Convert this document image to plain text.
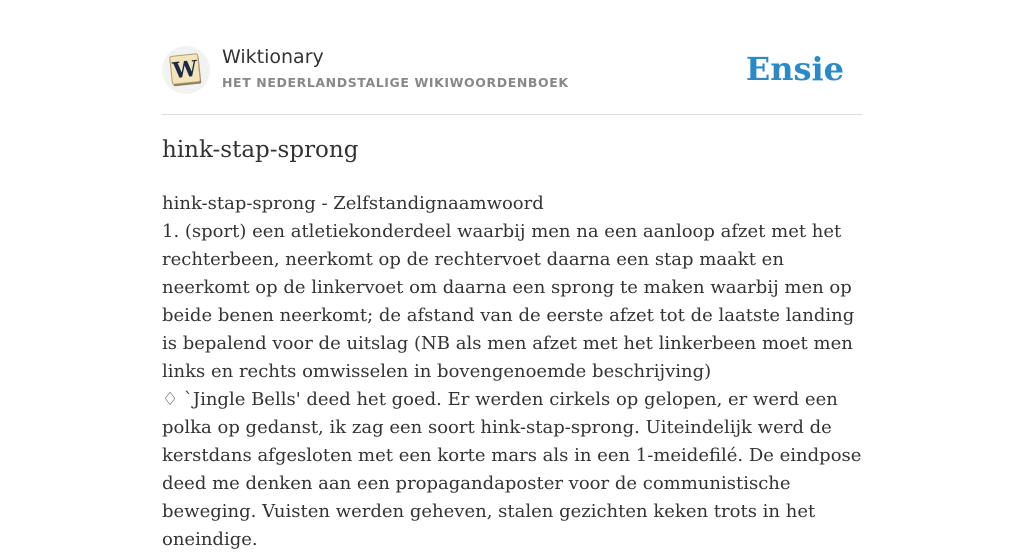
W Wiktionary
HET NEDERLANDSTALIGE WIKIWOORDENBOEK	Ensie
hink-stap-sprong

hink-stap-sprong - Zelfstandignaamwoord

1. (sport) een atletiekonderdeel waarbij men na een aanloop afzet met het rechterbeen, neerkomt op de rechtervoet daarna een stap maakt en neerkomt op de linkervoet om daarna een sprong te maken waarbij men op beide benen neerkomt; de afstand van de eerste afzet tot de laatste landing is bepalend voor de uitslag (NB als men afzet met het linkerbeen moet men links en rechts omwisselen in bovengenoemde beschrijving)

♢ `Jingle Bells' deed het goed. Er werden cirkels op gelopen, er werd een polka op gedanst, ik zag een soort hink-stap-sprong. Uiteindelijk werd de kerstdans afgesloten met een korte mars als in een 1-meidefilé. De eindpose deed me denken aan een propagandaposter voor de communistische beweging. Vuisten werden geheven, stalen gezichten keken trots in het oneindige.
